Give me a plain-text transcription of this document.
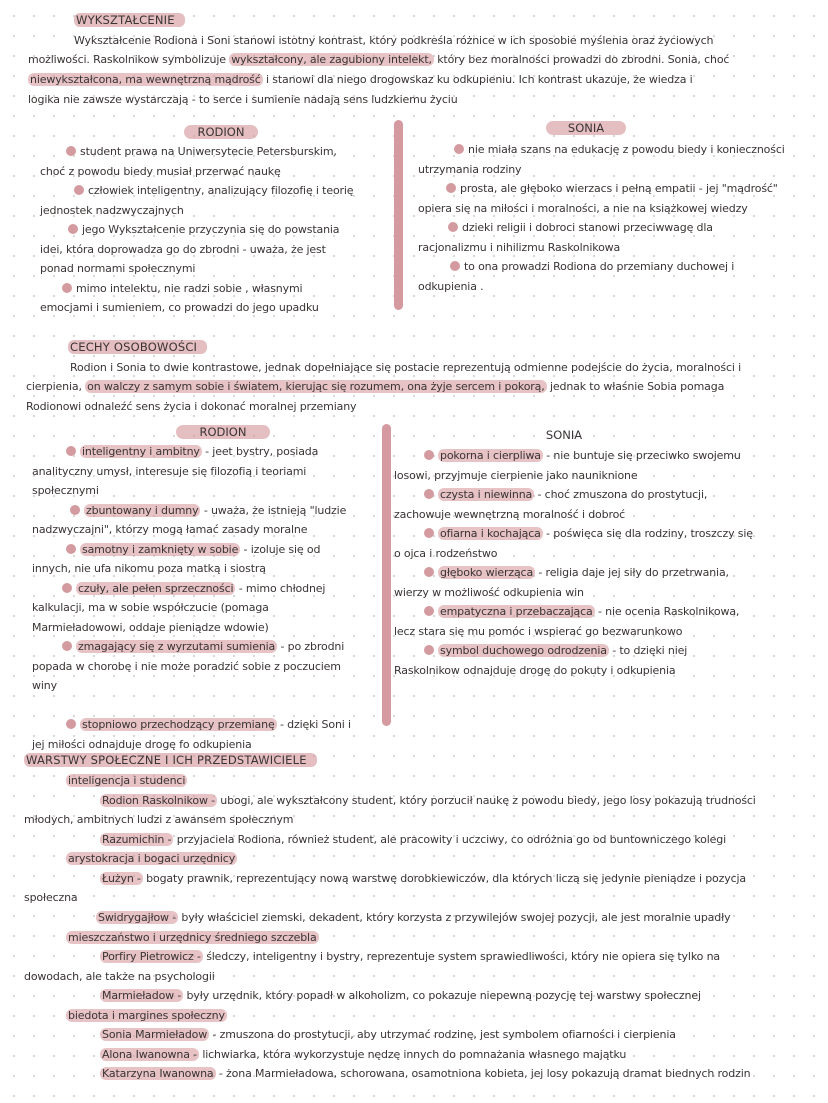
WYKSZTAŁCENIE
Wykształcenie Rodiona i Soni stanowi istotny kontrast, który podkreśla różnice w ich sposobie myślenia oraz życiowych
możliwości. Raskolnikow symbolizuje wykształcony, ale zagubiony intelekt, który bez moralności prowadzi do zbrodni. Sonia, choć
niewykształcona, ma wewnętrzną mądrość i stanowi dla niego drogowskaz ku odkupieniu. Ich kontrast ukazuje, że wiedza i
logika nie zawsze wystarczają - to serce i sumienie nadają sens ludzkiemu życiu
RODION	SONIA
student prawa na Uniwersytecie Petersburskim,
choć z powodu biedy musiał przerwać naukę
człowiek inteligentny, analizujący filozofię i teorię
jednostek nadzwyczajnych
jego Wykształcenie przyczynia się do powstania
idei, która doprowadza go do zbrodni - uważa, że jest
ponad normami społecznymi
mimo intelektu, nie radzi sobie , własnymi
emocjami i sumieniem, co prowadzi do jego upadku
nie miała szans na edukację z powodu biedy i konieczności
utrzymania rodziny
prosta, ale głęboko wierzacs i pełną empatii - jej "mądrość"
opiera się na miłości i moralności, a nie na książkowej wiedzy
dzieki religii i dobroci stanowi przeciwwagę dla
racjonalizmu i nihilizmu Raskolnikowa
to ona prowadzi Rodiona do przemiany duchowej i
odkupienia .
CECHY OSOBOWOŚCI
Rodion i Sonia to dwie kontrastowe, jednak dopełniające się postacie reprezentują odmienne podejście do życia, moralności i
cierpienia, on walczy z samym sobie i światem, kierując się rozumem, ona żyje sercem i pokorą, jednak to właśnie Sobia pomaga
Rodionowi odnaleźć sens życia i dokonać moralnej przemiany
RODION	SONIA
inteligentny i ambitny - jeet bystry, posiada
analityczny umysł, interesuje się filozofią i teoriami
społecznymi
zbuntowany i dumny - uważa, że istnieją "ludzie
nadzwyczajni", którzy mogą łamać zasady moralne
samotny i zamknięty w sobie - izoluje się od
innych, nie ufa nikomu poza matką i siostrą
czuły, ale pełen sprzeczności - mimo chłodnej
kalkulacji, ma w sobie współczucie (pomaga
Marmieładowowi, oddaje pieniądze wdowie)
zmagający się z wyrzutami sumienia - po zbrodni
popada w chorobę i nie może poradzić sobie z poczuciem
winy

stopniowo przechodzący przemianę - dzięki Soni i
jej miłości odnajduje drogę fo odkupienia
pokorna i cierpliwa - nie buntuje się przeciwko swojemu
losowi, przyjmuje cierpienie jako nauniknione
czysta i niewinna - choć zmuszona do prostytucji,
zachowuje wewnętrzną moralność i dobroć
ofiarna i kochająca - poświęca się dla rodziny, troszczy się
o ojca i rodzeństwo
głęboko wierząca - religia daje jej siły do przetrwania,
wierzy w możliwość odkupienia win
empatyczna i przebaczająca - nie ocenia Raskolnikowa,
lecz stara się mu pomóc i wspierać go bezwarunkowo
symbol duchowego odrodzenia - to dzięki niej
Raskolnikow odnajduje drogę do pokuty i odkupienia
WARSTWY SPOŁECZNE I ICH PRZEDSTAWICIELE
inteligencja i studenci
Rodion Raskolnikow - ubogi, ale wykształcony student, który porzucił naukę z powodu biedy, jego losy pokazują trudności
młodych, ambitnych ludzi z awansem społecznym
Razumichin - przyjaciela Rodiona, również student, ale pracowity i uczciwy, co odróżnia go od buntowniczego kolegi
arystokracja i bogaci urzędnicy
Łużyn - bogaty prawnik, reprezentujący nową warstwę dorobkiewiczów, dla których liczą się jedynie pieniądze i pozycja
społeczna
Swidrygajłow - były właściciel ziemski, dekadent, który korzysta z przywilejów swojej pozycji, ale jest moralnie upadły
mieszczaństwo i urzędnicy średniego szczebla
Porfiry Pietrowicz - śledczy, inteligentny i bystry, reprezentuje system sprawiedliwości, który nie opiera się tylko na
dowodach, ale także na psychologii
Marmieładow - były urzędnik, który popadł w alkoholizm, co pokazuje niepewną pozycję tej warstwy społecznej
biedota i margines społeczny
Sonia Marmieładow - zmuszona do prostytucji, aby utrzymać rodzinę, jest symbolem ofiarności i cierpienia
Alona Iwanowna - lichwiarka, która wykorzystuje nędzę innych do pomnażania własnego majątku
Katarzyna Iwanowna - żona Marmieładowa, schorowana, osamotniona kobieta, jej losy pokazują dramat biednych rodzin
